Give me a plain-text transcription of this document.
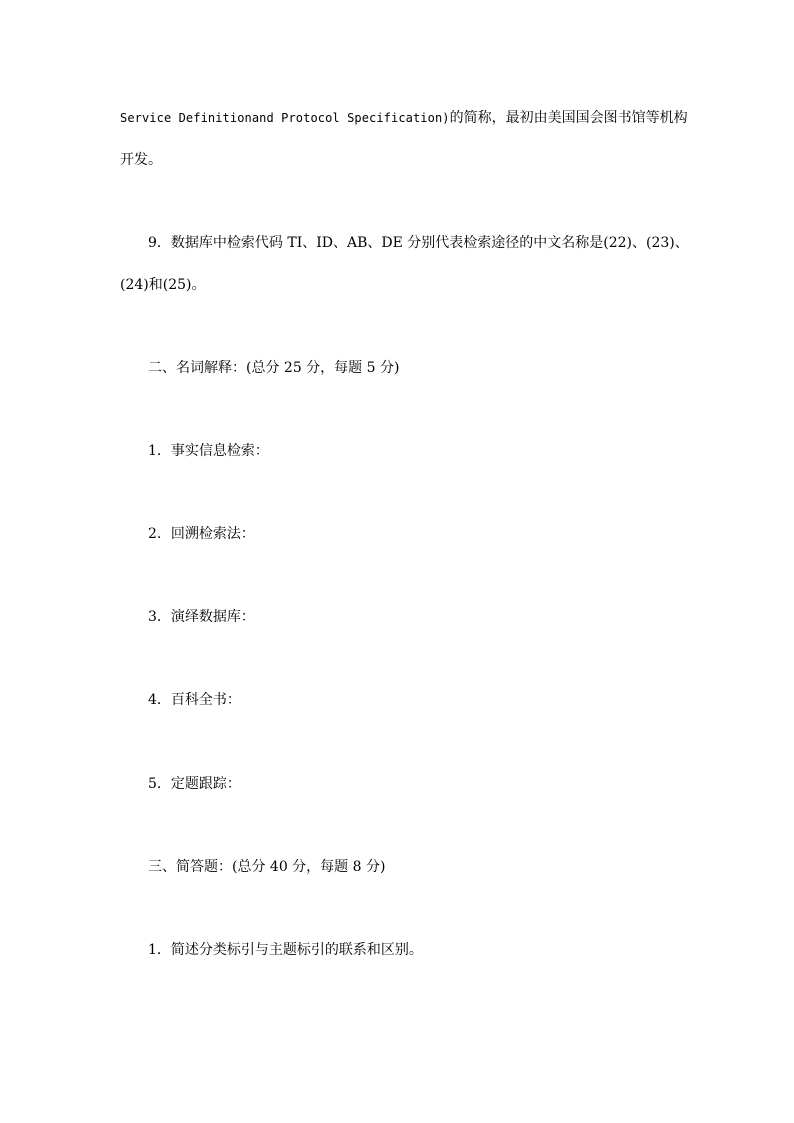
Service Definitionand Protocol Specification)的简称，最初由美国国会图书馆等机构
开发。
9．数据库中检索代码 TI、ID、AB、DE 分别代表检索途径的中文名称是(22)、(23)、
(24)和(25)。
二、名词解释：(总分 25 分，每题 5 分)
1．事实信息检索：
2．回溯检索法：
3．演绎数据库：
4．百科全书：
5．定题跟踪：
三、简答题：(总分 40 分，每题 8 分)
1．简述分类标引与主题标引的联系和区别。
